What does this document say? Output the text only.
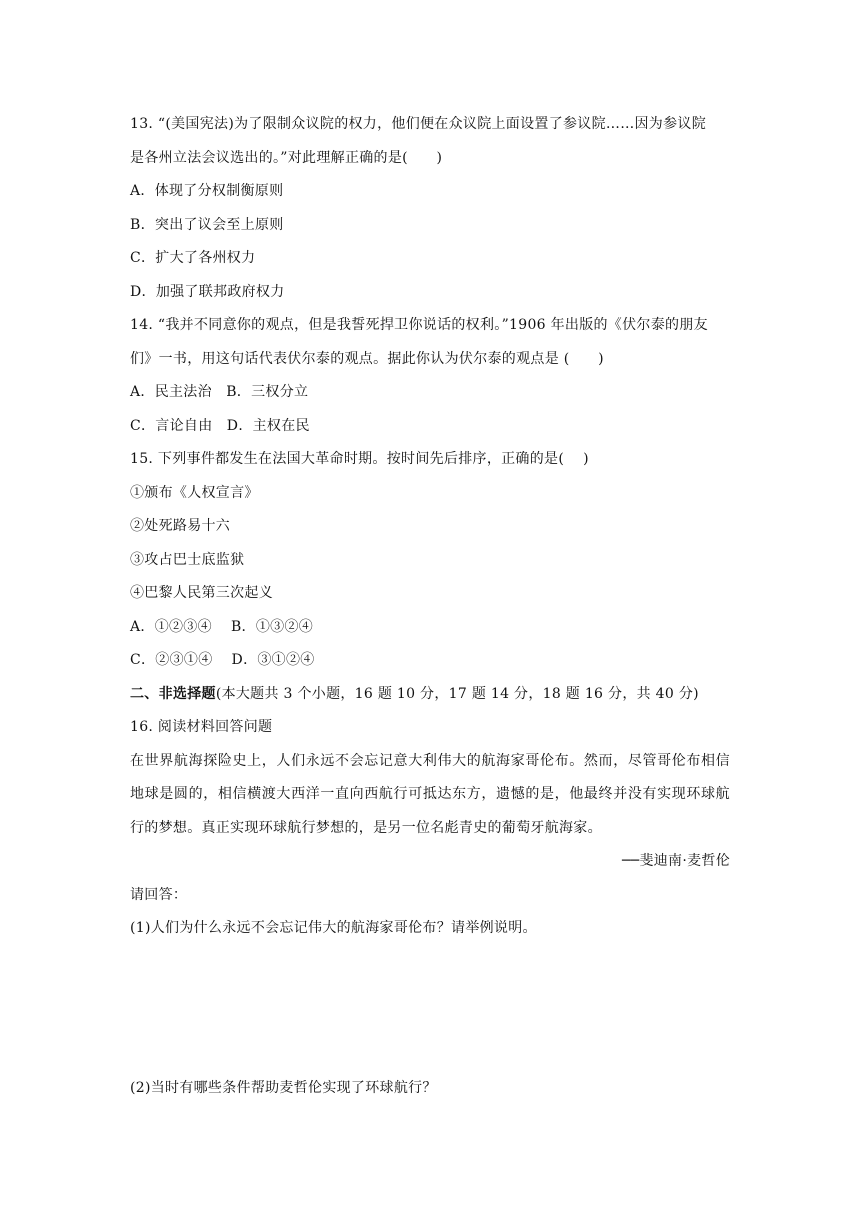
13. “(美国宪法)为了限制众议院的权力，他们便在众议院上面设置了参议院……因为参议院
是各州立法会议选出的。”对此理解正确的是(　　)
A．体现了分权制衡原则
B．突出了议会至上原则
C．扩大了各州权力
D．加强了联邦政府权力
14. “我并不同意你的观点，但是我誓死捍卫你说话的权利。”1906 年出版的《伏尔泰的朋友
们》一书，用这句话代表伏尔泰的观点。据此你认为伏尔泰的观点是 (　　)
A．民主法治　B．三权分立
C．言论自由　D．主权在民
15. 下列事件都发生在法国大革命时期。按时间先后排序，正确的是(　 )
①颁布《人权宣言》
②处死路易十六
③攻占巴士底监狱
④巴黎人民第三次起义
A．①②③④　 B．①③②④
C．②③①④　 D．③①②④
二、非选择题(本大题共 3 个小题，16 题 10 分，17 题 14 分，18 题 16 分，共 40 分)
16. 阅读材料回答问题
在世界航海探险史上，人们永远不会忘记意大利伟大的航海家哥伦布。然而，尽管哥伦布相信地球是圆的，相信横渡大西洋一直向西航行可抵达东方，遗憾的是，他最终并没有实现环球航行的梦想。真正实现环球航行梦想的，是另一位名彪青史的葡萄牙航海家。
──斐迪南·麦哲伦
请回答：
(1)人们为什么永远不会忘记伟大的航海家哥伦布？请举例说明。
(2)当时有哪些条件帮助麦哲伦实现了环球航行？
